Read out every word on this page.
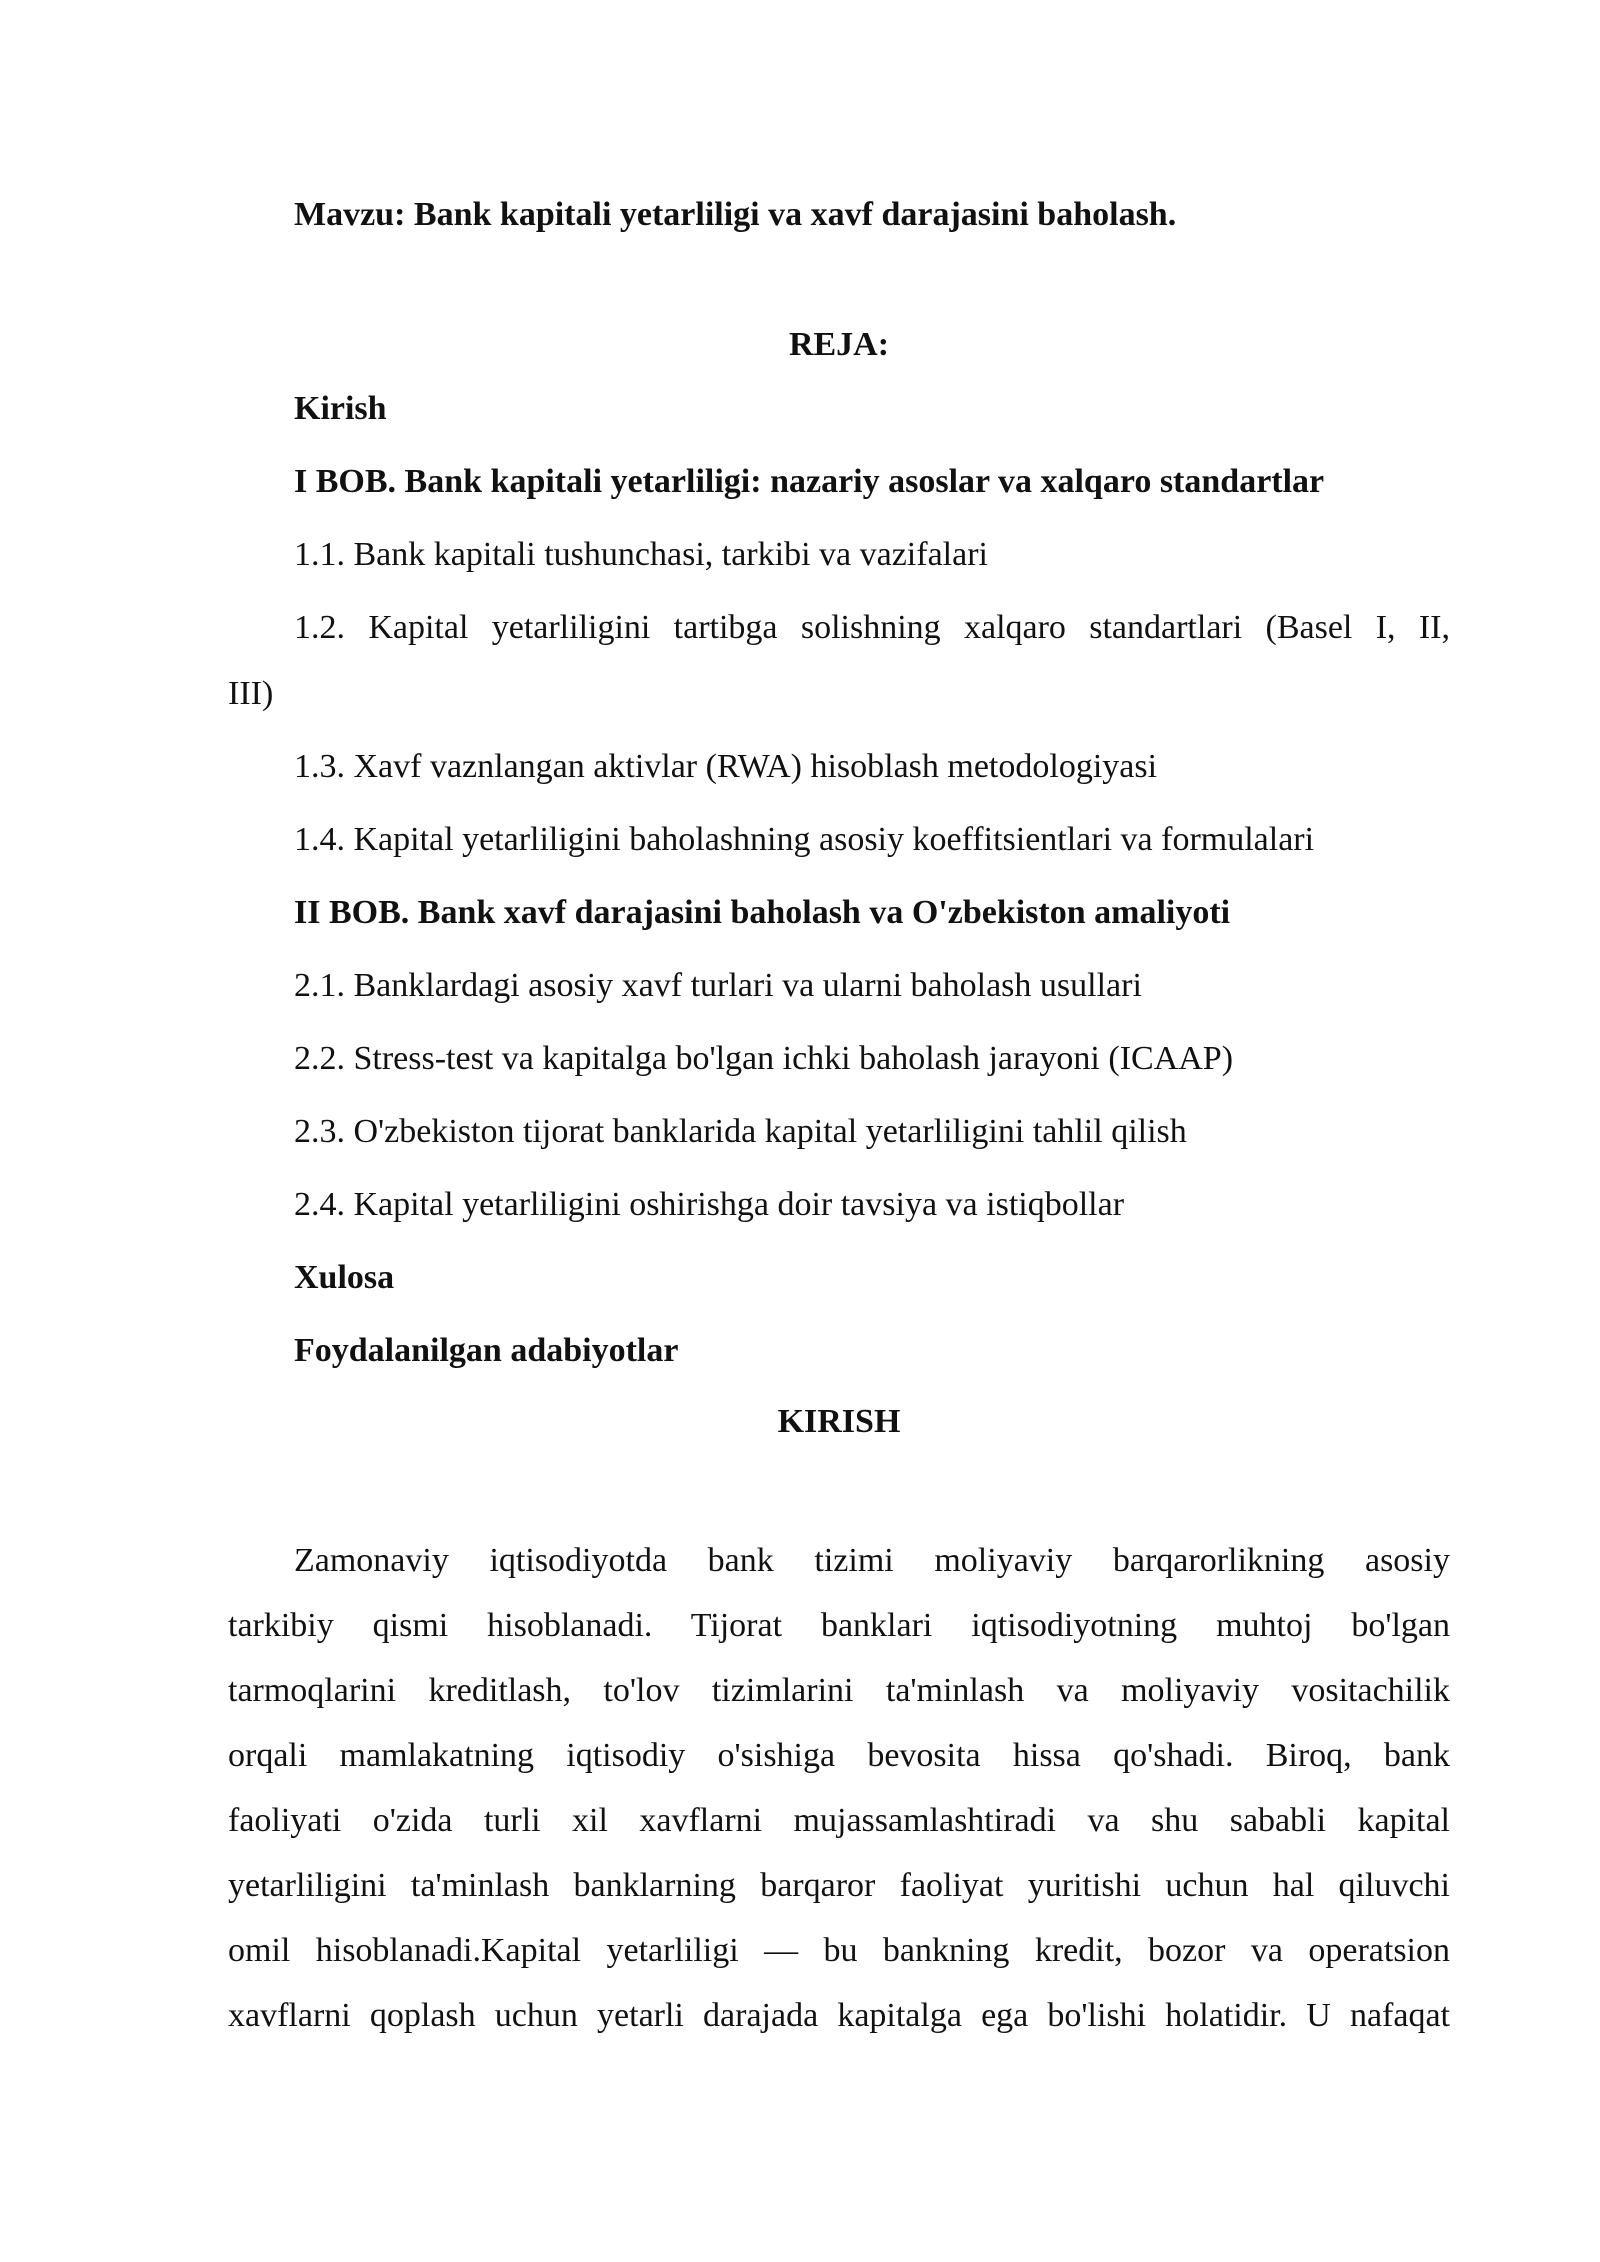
Mavzu: Bank kapitali yetarliligi va xavf darajasini baholash.
REJA:
Kirish
I BOB. Bank kapitali yetarliligi: nazariy asoslar va xalqaro standartlar
1.1. Bank kapitali tushunchasi, tarkibi va vazifalari
1.2. Kapital yetarliligini tartibga solishning xalqaro standartlari (Basel I, II,
III)
1.3. Xavf vaznlangan aktivlar (RWA) hisoblash metodologiyasi
1.4. Kapital yetarliligini baholashning asosiy koeffitsientlari va formulalari
II BOB. Bank xavf darajasini baholash va O'zbekiston amaliyoti
2.1. Banklardagi asosiy xavf turlari va ularni baholash usullari
2.2. Stress-test va kapitalga bo'lgan ichki baholash jarayoni (ICAAP)
2.3. O'zbekiston tijorat banklarida kapital yetarliligini tahlil qilish
2.4. Kapital yetarliligini oshirishga doir tavsiya va istiqbollar
Xulosa
Foydalanilgan adabiyotlar
KIRISH
Zamonaviy iqtisodiyotda bank tizimi moliyaviy barqarorlikning asosiy
tarkibiy qismi hisoblanadi. Tijorat banklari iqtisodiyotning muhtoj bo'lgan
tarmoqlarini kreditlash, to'lov tizimlarini ta'minlash va moliyaviy vositachilik
orqali mamlakatning iqtisodiy o'sishiga bevosita hissa qo'shadi. Biroq, bank
faoliyati o'zida turli xil xavflarni mujassamlashtiradi va shu sababli kapital
yetarliligini ta'minlash banklarning barqaror faoliyat yuritishi uchun hal qiluvchi
omil hisoblanadi.Kapital yetarliligi — bu bankning kredit, bozor va operatsion
xavflarni qoplash uchun yetarli darajada kapitalga ega bo'lishi holatidir. U nafaqat
